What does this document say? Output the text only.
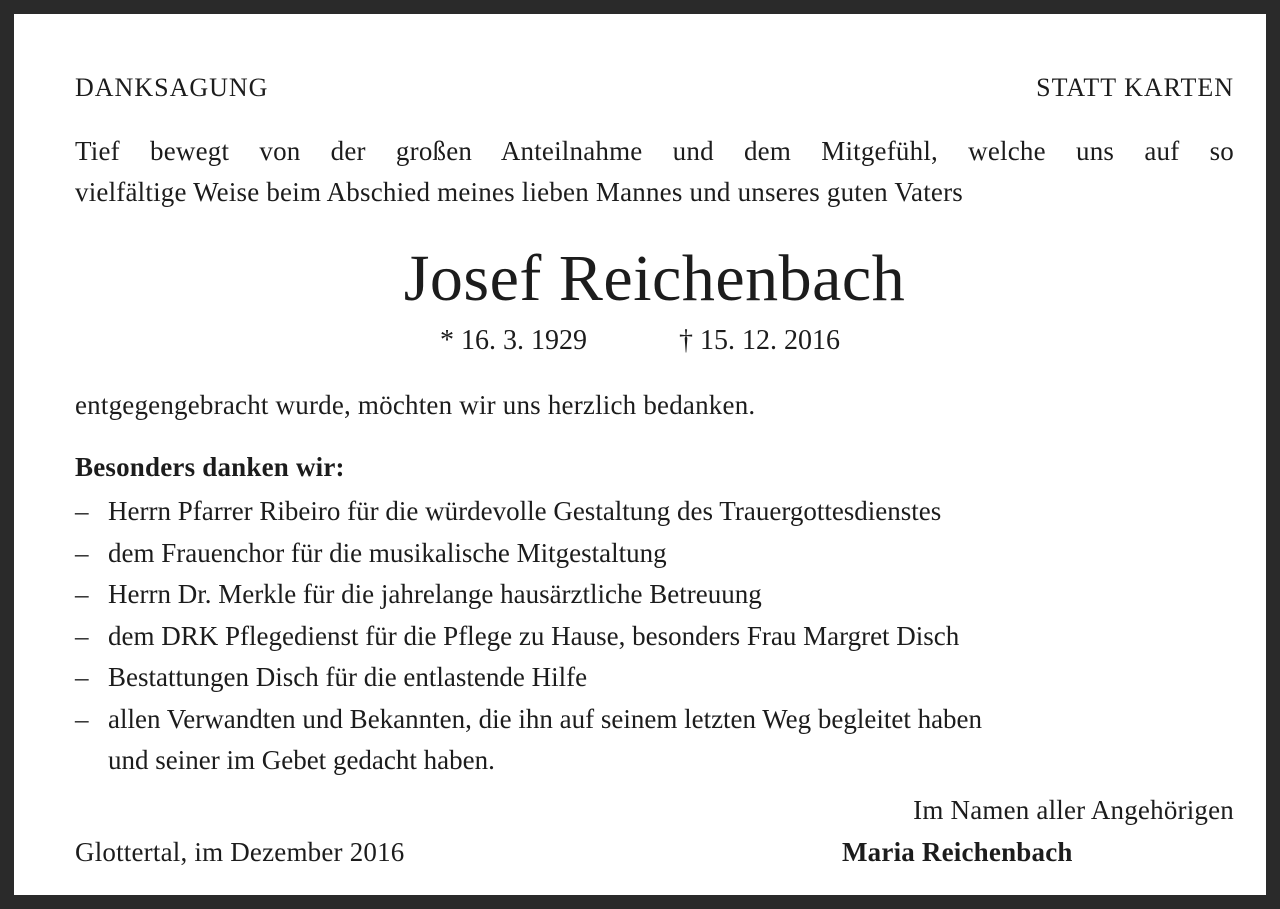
DANKSAGUNG	STATT KARTEN
Tief bewegt von der großen Anteilnahme und dem Mitgefühl, welche uns auf so
vielfältige Weise beim Abschied meines lieben Mannes und unseres guten Vaters
Josef Reichenbach
* 16. 3. 1929	† 15. 12. 2016
entgegengebracht wurde, möchten wir uns herzlich bedanken.
Besonders danken wir:
– Herrn Pfarrer Ribeiro für die würdevolle Gestaltung des Trauergottesdienstes
– dem Frauenchor für die musikalische Mitgestaltung
– Herrn Dr. Merkle für die jahrelange hausärztliche Betreuung
– dem DRK Pflegedienst für die Pflege zu Hause, besonders Frau Margret Disch
– Bestattungen Disch für die entlastende Hilfe
– allen Verwandten und Bekannten, die ihn auf seinem letzten Weg begleitet haben
und seiner im Gebet gedacht haben.
Im Namen aller Angehörigen
Glottertal, im Dezember 2016	Maria Reichenbach
